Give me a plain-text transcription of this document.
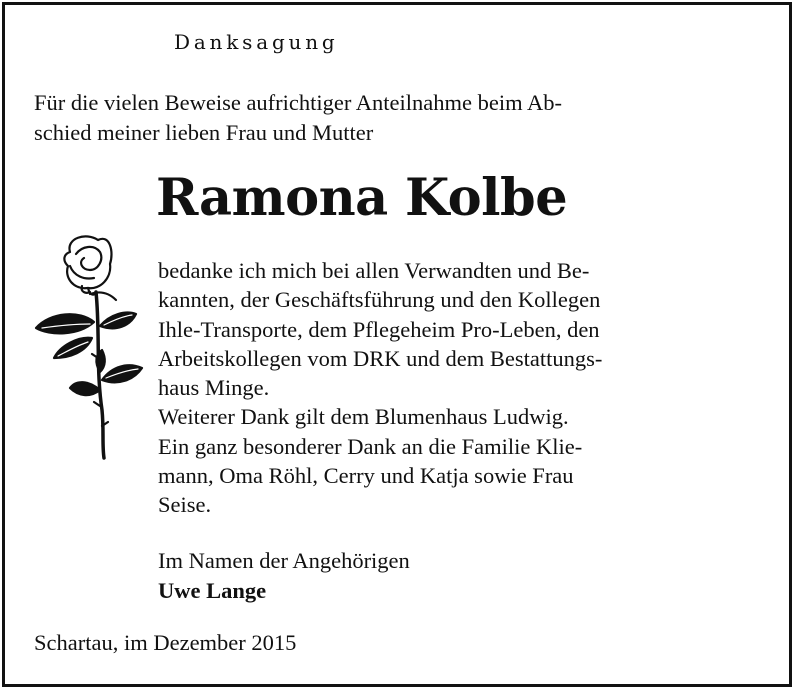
Danksagung
Für die vielen Beweise aufrichtiger Anteilnahme beim Ab-
schied meiner lieben Frau und Mutter
Ramona Kolbe
bedanke ich mich bei allen Verwandten und Be-
kannten, der Geschäftsführung und den Kollegen
Ihle-Transporte, dem Pflegeheim Pro-Leben, den
Arbeitskollegen vom DRK und dem Bestattungs-
haus Minge.
Weiterer Dank gilt dem Blumenhaus Ludwig.
Ein ganz besonderer Dank an die Familie Klie-
mann, Oma Röhl, Cerry und Katja sowie Frau
Seise.
Im Namen der Angehörigen
Uwe Lange
Schartau, im Dezember 2015
